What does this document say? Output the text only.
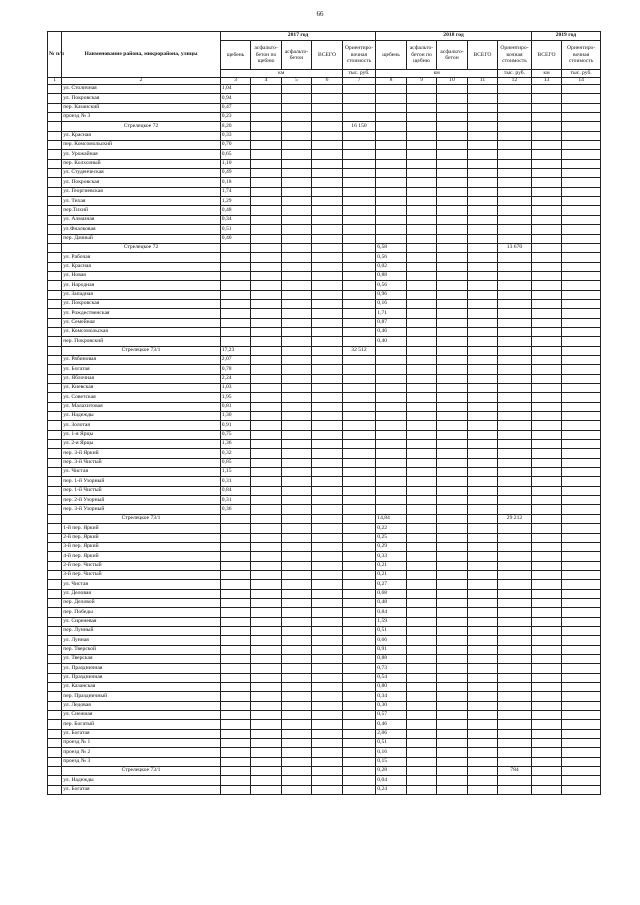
66
№ п/п	Наименование района, микрорайона, улицы	2017 год					2018 год					2019 год	
		щебень	асфальто-бетон по щебню	асфальто-бетон	ВСЕГО	Ориентиро-вочная стоимость	щебень	асфальто-бетон по щебню	асфальто-бетон	ВСЕГО	Ориентиро-вочная стоимость	ВСЕГО	Ориентиро-вочная стоимость
		км				тыс. руб.	км				тыс. руб.	км	тыс. руб.
1	2	3	4	5	6	7	8	9	10	11	12	13	14
	ул. Столичная	1,04											
	ул. Покровская	0,94											
	пер. Казанский	0,47											
	проезд № 3	0,23											
	Стрелецкое 72	8,20				16 150							
	ул. Красная	0,33											
	пер. Комсомольский	0,70											
	ул. Урожайная	0,65											
	пер. Колхозный	1,10											
	ул. Студенческая	0,49											
	ул. Покровская	0,18											
	ул. Георгиевская	1,74											
	ул. Тихая	1,29											
	пер.Тихий	0,48											
	ул. Алмазная	0,34											
	ул.Фиалковая	0,51											
	пер. Дачный	0,40											
	Стрелецкое 72						6,58				13 670		
	ул. Рабочая						0,56						
	ул. Красная						0,02						
	ул. Новая						0,88						
	ул. Народная						0,56						
	ул. Западная						0,96						
	ул. Покровская						0,16						
	ул. Рождественская						1,71						
	ул. Семейная						0,87						
	ул. Комсомольская						0,46						
	пер. Покровский						0,40						
	Стрелецкое 73/1	17,23				32 512							
	ул. Рябиновая	2,07											
	ул. Богатая	0,78											
	ул. Яблочная	2,24											
	ул. Киевская	1,03											
	ул. Советская	1,95											
	ул. Малахитовая	0,81											
	ул. Надежды	1,30											
	ул. Золотая	0,91											
	ул. 1-я Ярцы	0,75											
	ул. 2-я Ярцы	1,36											
	пер. 3-й Яркий	0,32											
	пер. 3-й Чистый	0,85											
	ул. Чистая	1,15											
	пер. 1-й Узорный	0,31											
	пер. 1-й Чистый	0,84											
	пер. 2-й Узорный	0,31											
	пер. 3-й Узорный	0,36											
	Стрелецкое 73/1						14,84				29 212		
	1-й пер. Яркий						0,22						
	2-й пер. Яркий						0,25						
	3-й пер. Яркий						0,29						
	4-й пер. Яркий						0,33						
	2-й пер. Чистый						0,21						
	3-й пер. Чистый						0,21						
	ул. Чистая						0,27						
	ул. Деловая						0,68						
	пер. Деловой						0,48						
	пер. Победы						0,84						
	ул. Сиреневая						1,59						
	пер. Лунный						0,51						
	ул. Лунная						0,66						
	пер. Тверской						0,91						
	ул. Тверская						0,88						
	ул. Праздничная						0,73						
	ул. Праздничная						0,54						
	ул. Казанская						0,80						
	пер. Праздничный						0,34						
	ул. Ледовая						0,30						
	ул. Снежная						0,57						
	пер. Богатый						0,46						
	ул. Богатая						2,06						
	проезд № 1						0,51						
	проезд № 2						0,16						
	проезд № 3						0,15						
	Стрелецкое 73/1						0,28				784		
	ул. Надежды						0,04						
	ул. Богатая						0,24						
